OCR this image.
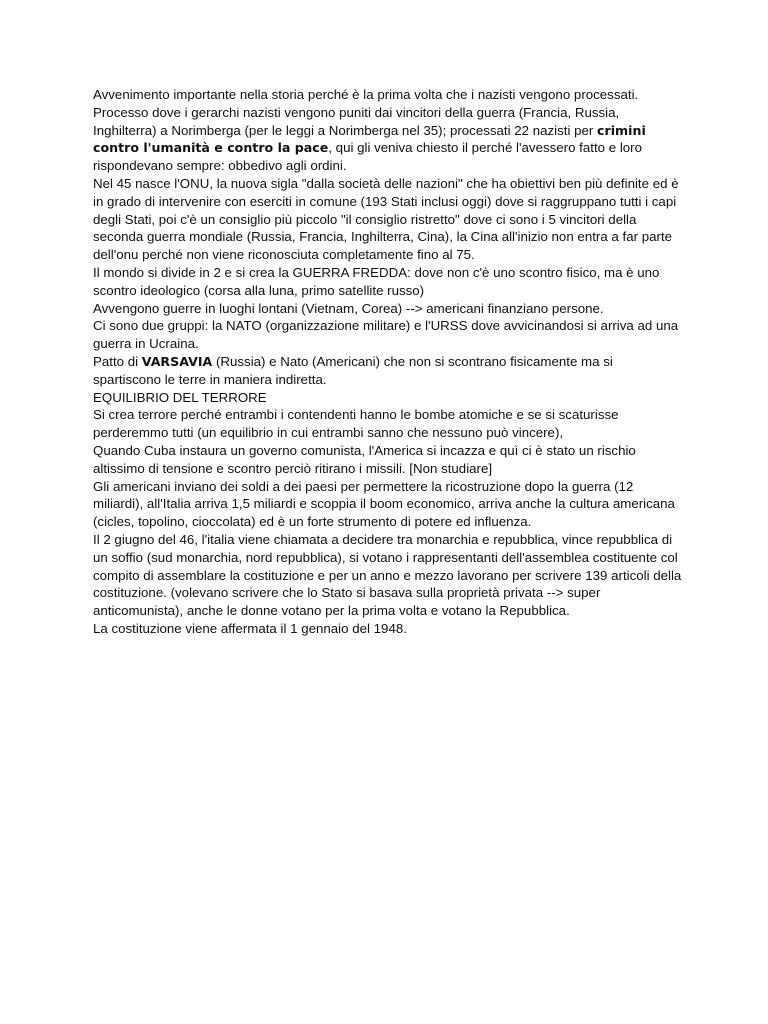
Avvenimento importante nella storia perché è la prima volta che i nazisti vengono processati.

Processo dove i gerarchi nazisti vengono puniti dai vincitori della guerra (Francia, Russia, Inghilterra) a Norimberga (per le leggi a Norimberga nel 35); processati 22 nazisti per crimini contro l'umanità e contro la pace, qui gli veniva chiesto il perché l'avessero fatto e loro rispondevano sempre: obbedivo agli ordini.

Nel 45 nasce l'ONU, la nuova sigla "dalla società delle nazioni" che ha obiettivi ben più definite ed è in grado di intervenire con eserciti in comune (193 Stati inclusi oggi) dove si raggruppano tutti i capi degli Stati, poi c'è un consiglio più piccolo "il consiglio ristretto" dove ci sono i 5 vincitori della seconda guerra mondiale (Russia, Francia, Inghilterra, Cina), la Cina all'inizio non entra a far parte dell'onu perché non viene riconosciuta completamente fino al 75.

Il mondo si divide in 2 e si crea la GUERRA FREDDA: dove non c'è uno scontro fisico, ma è uno scontro ideologico (corsa alla luna, primo satellite russo)

Avvengono guerre in luoghi lontani (Vietnam, Corea) --> americani finanziano persone.

Ci sono due gruppi: la NATO (organizzazione militare) e l'URSS dove avvicinandosi si arriva ad una guerra in Ucraina.

Patto di VARSAVIA (Russia) e Nato (Americani) che non si scontrano fisicamente ma si spartiscono le terre in maniera indiretta.

EQUILIBRIO DEL TERRORE

Si crea terrore perché entrambi i contendenti hanno le bombe atomiche e se si scaturisse perderemmo tutti (un equilibrio in cui entrambi sanno che nessuno può vincere),

Quando Cuba instaura un governo comunista, l'America si incazza e quì ci è stato un rischio altissimo di tensione e scontro perciò ritirano i missili. [Non studiare]

Gli americani inviano dei soldi a dei paesi per permettere la ricostruzione dopo la guerra (12 miliardi), all'Italia arriva 1,5 miliardi e scoppia il boom economico, arriva anche la cultura americana (cicles, topolino, cioccolata) ed è un forte strumento di potere ed influenza.

Il 2 giugno del 46, l'italia viene chiamata a decidere tra monarchia e repubblica, vince repubblica di un soffio (sud monarchia, nord repubblica), si votano i rappresentanti dell'assemblea costituente col compito di assemblare la costituzione e per un anno e mezzo lavorano per scrivere 139 articoli della costituzione. (volevano scrivere che lo Stato si basava sulla proprietà privata --> super anticomunista), anche le donne votano per la prima volta e votano la Repubblica.

La costituzione viene affermata il 1 gennaio del 1948.
